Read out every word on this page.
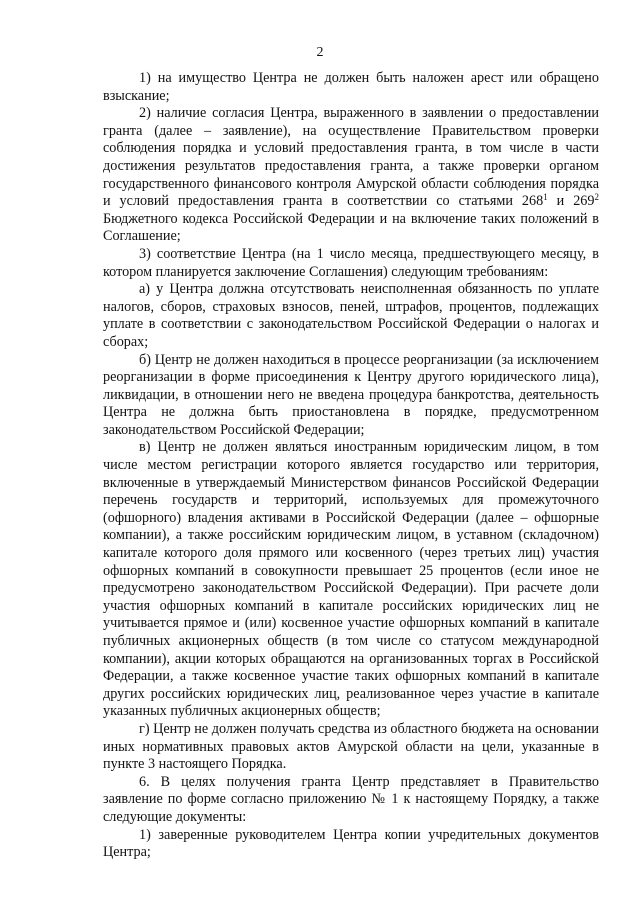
2

1) на имущество Центра не должен быть наложен арест или обращено взыскание;

2) наличие согласия Центра, выраженного в заявлении о предоставлении гранта (далее – заявление), на осуществление Правительством проверки соблюдения порядка и условий предоставления гранта, в том числе в части достижения результатов предоставления гранта, а также проверки органом государственного финансового контроля Амурской области соблюдения порядка и условий предоставления гранта в соответствии со статьями $268^1$ и $269^2$ Бюджетного кодекса Российской Федерации и на включение таких положений в Соглашение;

3) соответствие Центра (на 1 число месяца, предшествующего месяцу, в котором планируется заключение Соглашения) следующим требованиям:

а) у Центра должна отсутствовать неисполненная обязанность по уплате налогов, сборов, страховых взносов, пеней, штрафов, процентов, подлежащих уплате в соответствии с законодательством Российской Федерации о налогах и сборах;

б) Центр не должен находиться в процессе реорганизации (за исключением реорганизации в форме присоединения к Центру другого юридического лица), ликвидации, в отношении него не введена процедура банкротства, деятельность Центра не должна быть приостановлена в порядке, предусмотренном законодательством Российской Федерации;

в) Центр не должен являться иностранным юридическим лицом, в том числе местом регистрации которого является государство или территория, включенные в утверждаемый Министерством финансов Российской Федерации перечень государств и территорий, используемых для промежуточного (офшорного) владения активами в Российской Федерации (далее – офшорные компании), а также российским юридическим лицом, в уставном (складочном) капитале которого доля прямого или косвенного (через третьих лиц) участия офшорных компаний в совокупности превышает 25 процентов (если иное не предусмотрено законодательством Российской Федерации). При расчете доли участия офшорных компаний в капитале российских юридических лиц не учитывается прямое и (или) косвенное участие офшорных компаний в капитале публичных акционерных обществ (в том числе со статусом международной компании), акции которых обращаются на организованных торгах в Российской Федерации, а также косвенное участие таких офшорных компаний в капитале других российских юридических лиц, реализованное через участие в капитале указанных публичных акционерных обществ;

г) Центр не должен получать средства из областного бюджета на основании иных нормативных правовых актов Амурской области на цели, указанные в пункте 3 настоящего Порядка.

6. В целях получения гранта Центр представляет в Правительство заявление по форме согласно приложению № 1 к настоящему Порядку, а также следующие документы:

1) заверенные руководителем Центра копии учредительных документов Центра;
